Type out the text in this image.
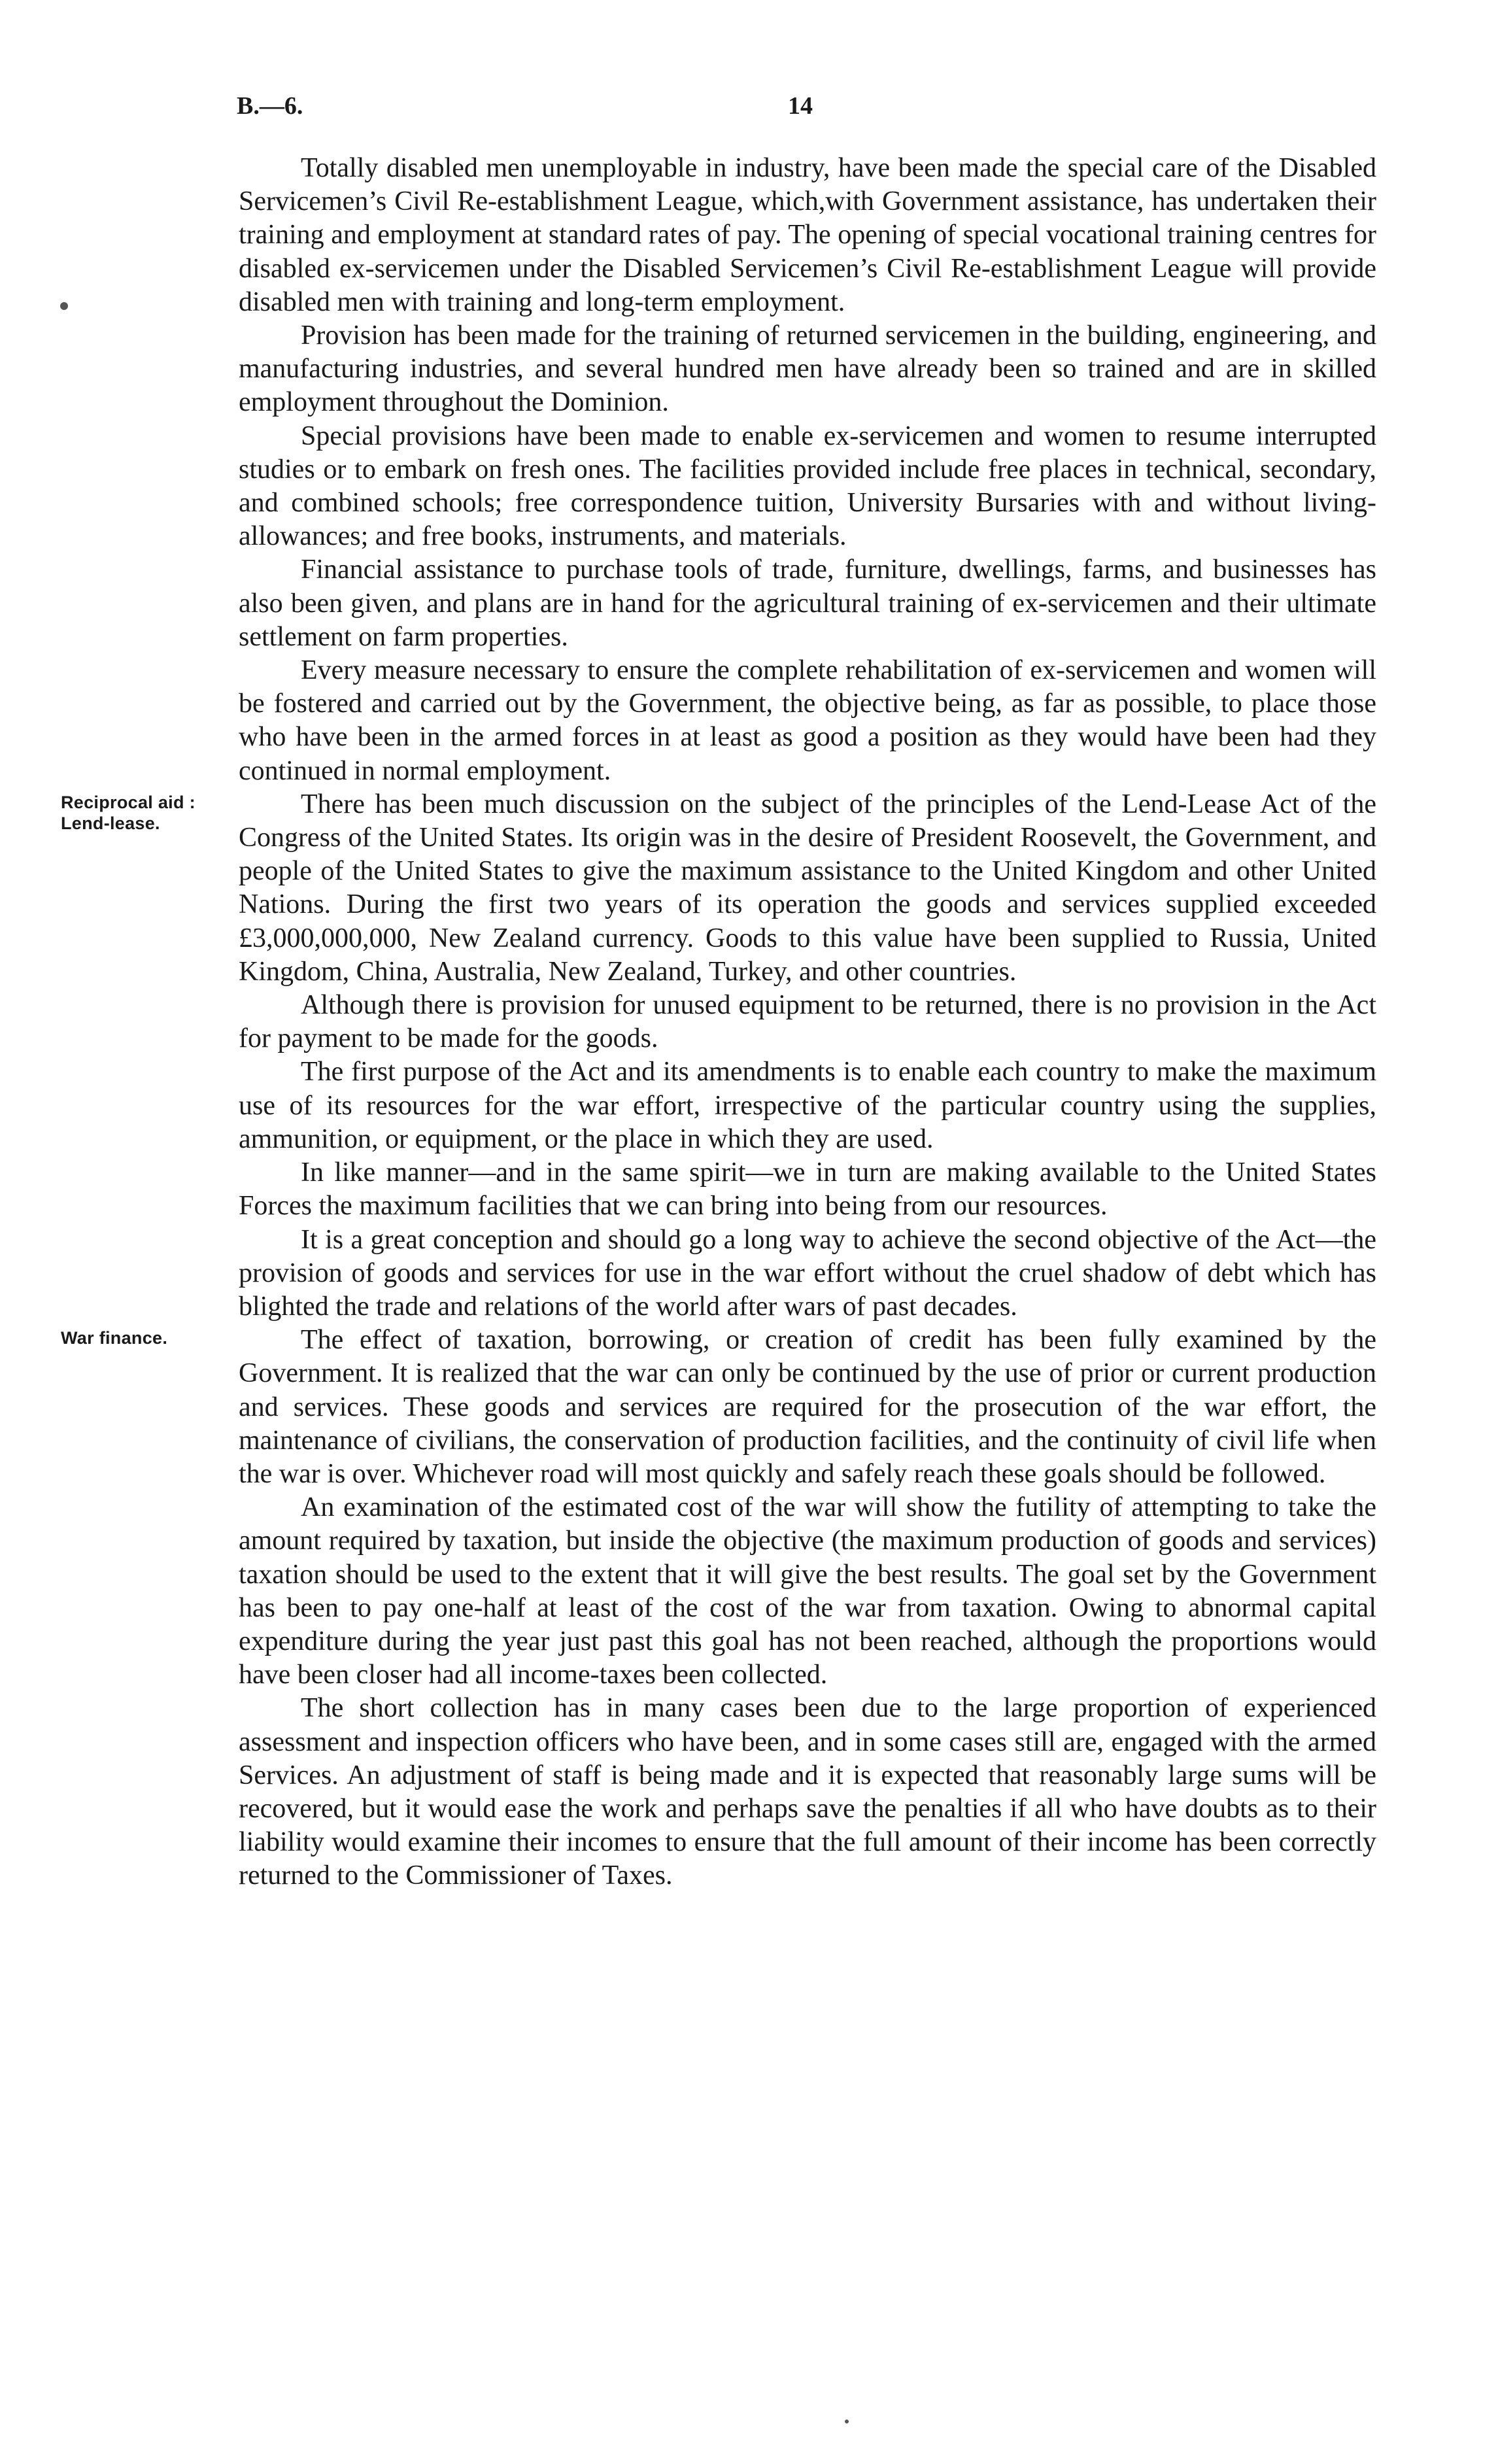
B.—6.	14

Totally disabled men unemployable in industry, have been made the special care of the Disabled Servicemen’s Civil Re-establishment League, which,with Government assistance, has undertaken their training and employment at standard rates of pay. The opening of special vocational training centres for disabled ex-servicemen under the Disabled Servicemen’s Civil Re-establishment League will provide disabled men with training and long-term employment.

Provision has been made for the training of returned servicemen in the building, engineering, and manufacturing industries, and several hundred men have already been so trained and are in skilled employment throughout the Dominion.

Special provisions have been made to enable ex-servicemen and women to resume interrupted studies or to embark on fresh ones. The facilities provided include free places in technical, secondary, and combined schools; free correspondence tuition, University Bursaries with and without living-allowances; and free books, instruments, and materials.

Financial assistance to purchase tools of trade, furniture, dwellings, farms, and businesses has also been given, and plans are in hand for the agricultural training of ex-servicemen and their ultimate settlement on farm properties.

Every measure necessary to ensure the complete rehabilitation of ex-servicemen and women will be fostered and carried out by the Government, the objective being, as far as possible, to place those who have been in the armed forces in at least as good a position as they would have been had they continued in normal employment.

Reciprocal aid :
Lend-lease.
There has been much discussion on the subject of the principles of the Lend-Lease Act of the Congress of the United States. Its origin was in the desire of President Roosevelt, the Government, and people of the United States to give the maximum assistance to the United Kingdom and other United Nations. During the first two years of its operation the goods and services supplied exceeded £3,000,000,000, New Zealand currency. Goods to this value have been supplied to Russia, United Kingdom, China, Australia, New Zealand, Turkey, and other countries.

Although there is provision for unused equipment to be returned, there is no provision in the Act for payment to be made for the goods.

The first purpose of the Act and its amendments is to enable each country to make the maximum use of its resources for the war effort, irrespective of the particular country using the supplies, ammunition, or equipment, or the place in which they are used.

In like manner—and in the same spirit—we in turn are making available to the United States Forces the maximum facilities that we can bring into being from our resources.

It is a great conception and should go a long way to achieve the second objective of the Act—the provision of goods and services for use in the war effort without the cruel shadow of debt which has blighted the trade and relations of the world after wars of past decades.

War finance.	The effect of taxation, borrowing, or creation of credit has been fully examined by the Government. It is realized that the war can only be continued by the use of prior or current production and services. These goods and services are required for the prosecution of the war effort, the maintenance of civilians, the conservation of production facilities, and the continuity of civil life when the war is over. Whichever road will most quickly and safely reach these goals should be followed.

An examination of the estimated cost of the war will show the futility of attempting to take the amount required by taxation, but inside the objective (the maximum production of goods and services) taxation should be used to the extent that it will give the best results. The goal set by the Government has been to pay one-half at least of the cost of the war from taxation. Owing to abnormal capital expenditure during the year just past this goal has not been reached, although the proportions would have been closer had all income-taxes been collected.

The short collection has in many cases been due to the large proportion of experienced assessment and inspection officers who have been, and in some cases still are, engaged with the armed Services. An adjustment of staff is being made and it is expected that reasonably large sums will be recovered, but it would ease the work and perhaps save the penalties if all who have doubts as to their liability would examine their incomes to ensure that the full amount of their income has been correctly returned to the Commissioner of Taxes.
